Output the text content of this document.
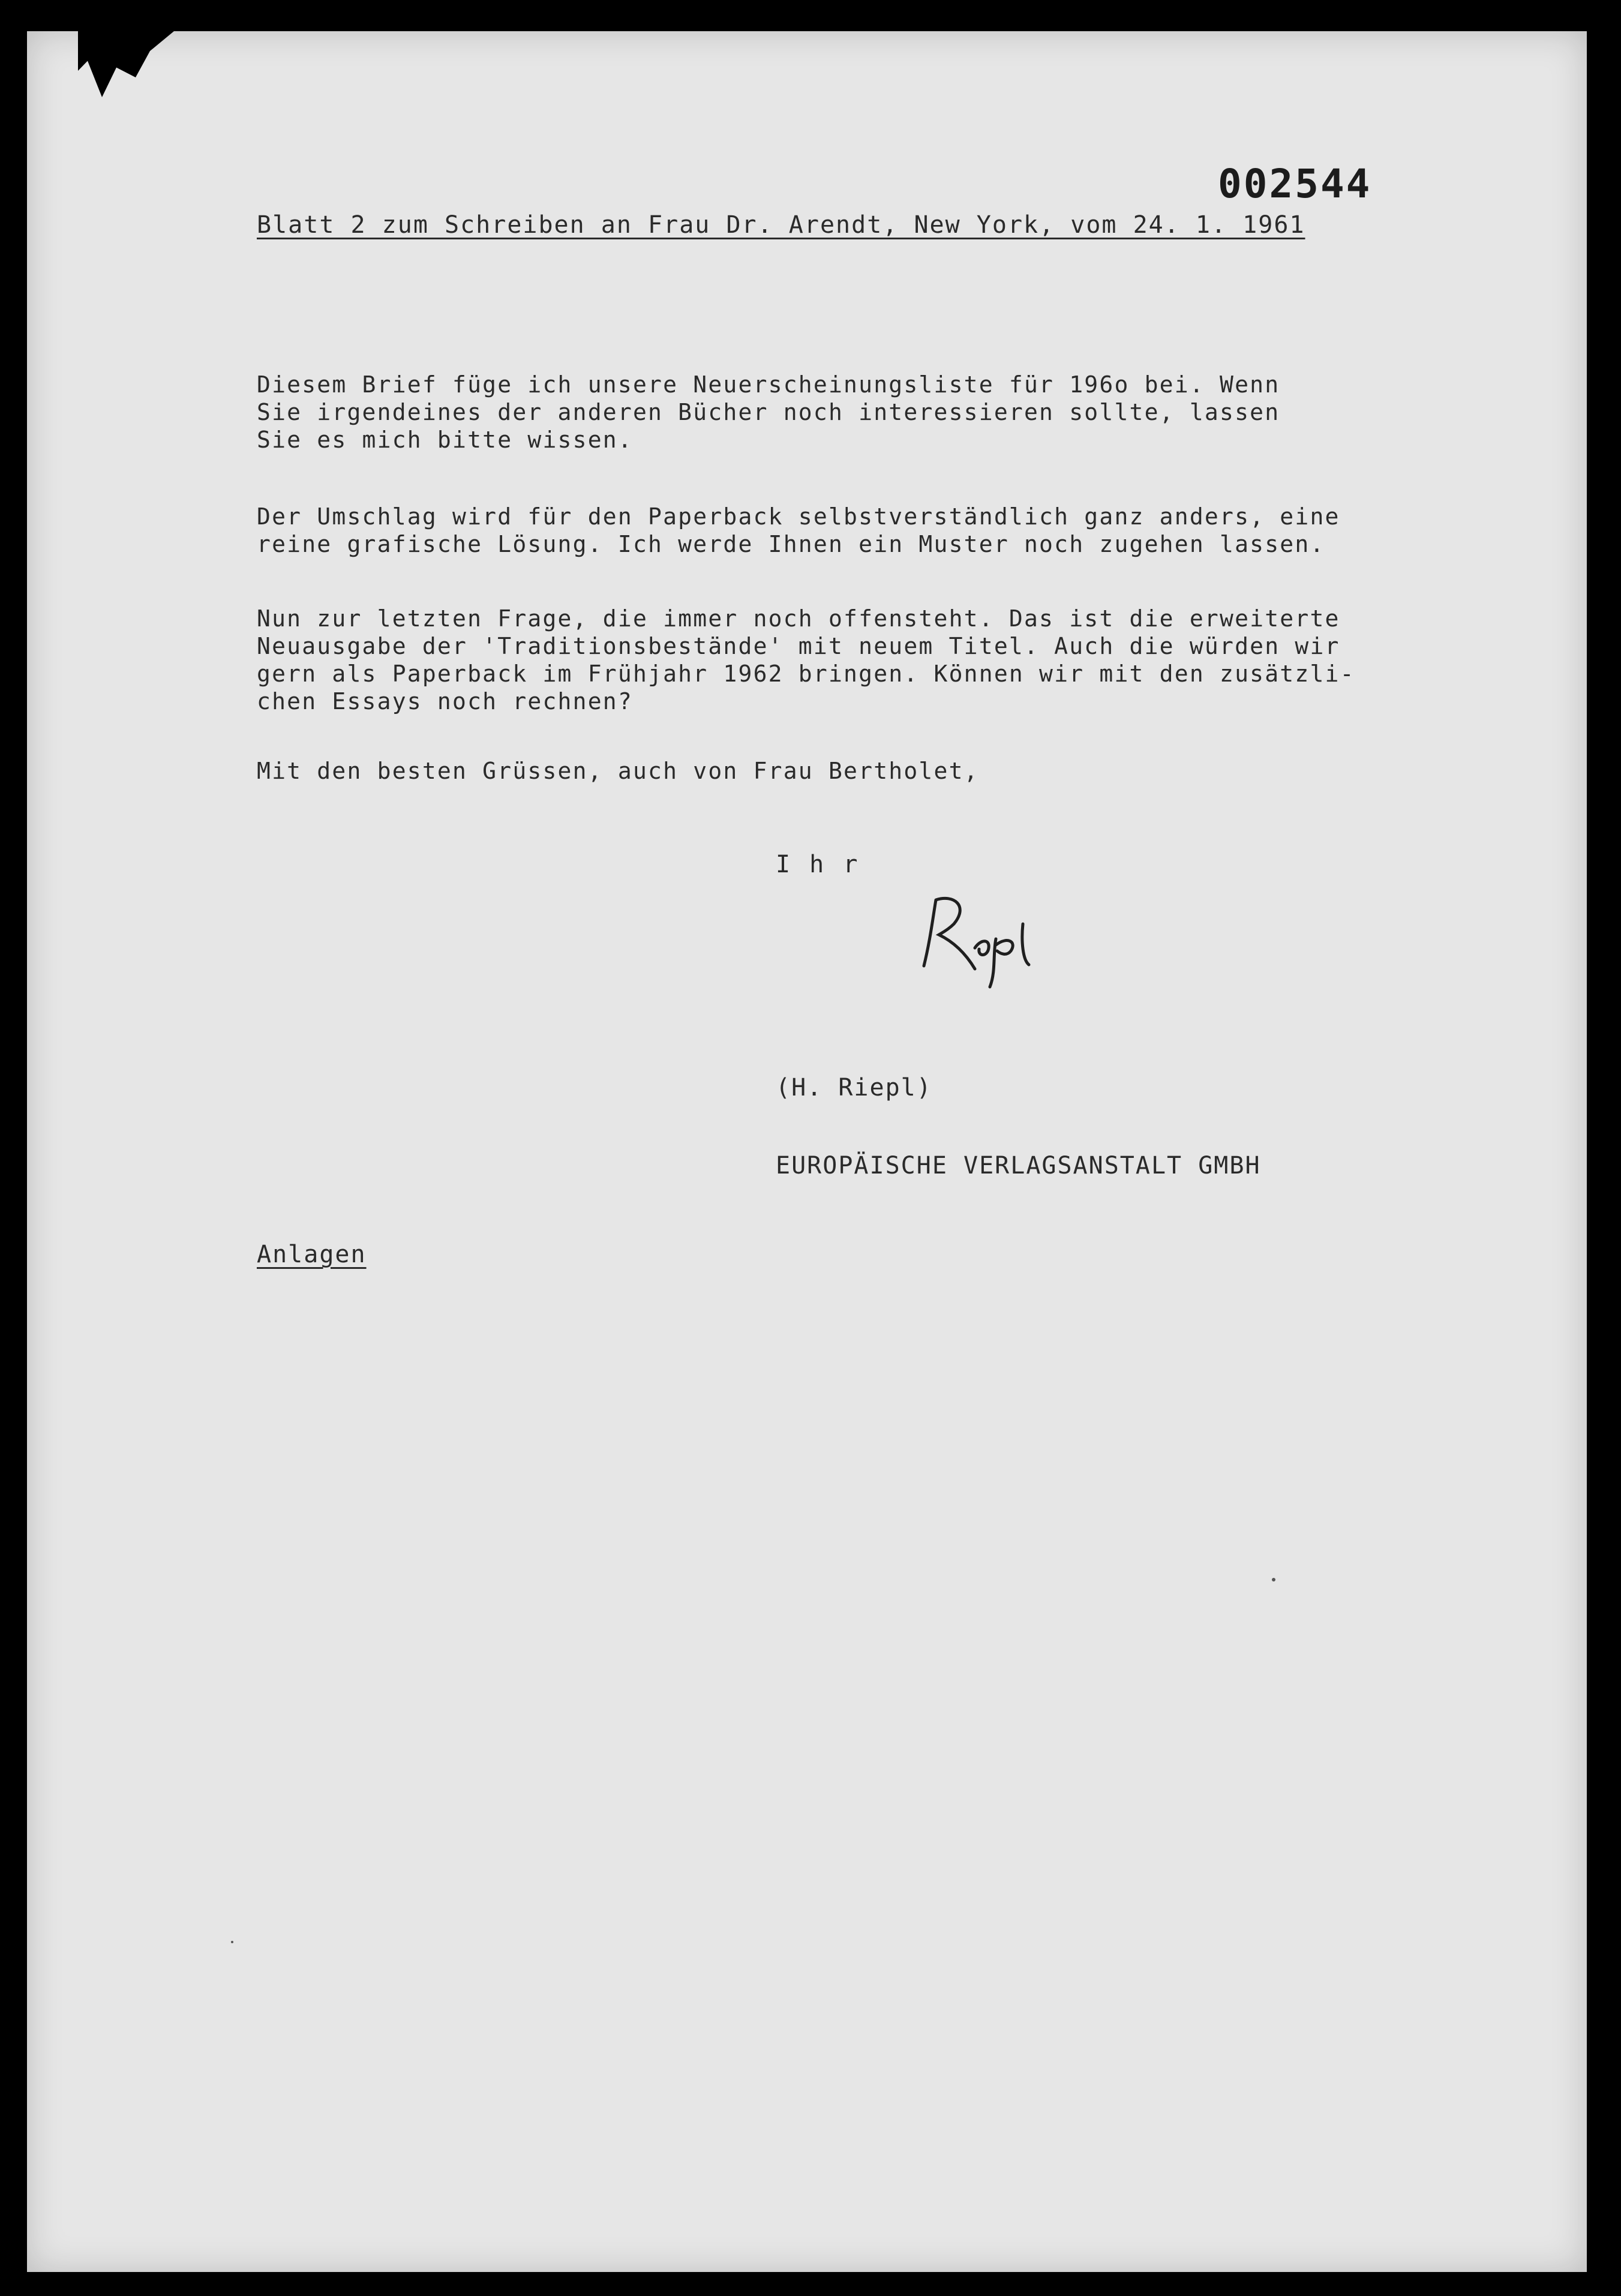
002544
Blatt 2 zum Schreiben an Frau Dr. Arendt, New York, vom 24. 1. 1961
Diesem Brief füge ich unsere Neuerscheinungsliste für 196o bei. Wenn
Sie irgendeines der anderen Bücher noch interessieren sollte, lassen
Sie es mich bitte wissen.
Der Umschlag wird für den Paperback selbstverständlich ganz anders, eine
reine grafische Lösung. Ich werde Ihnen ein Muster noch zugehen lassen.
Nun zur letzten Frage, die immer noch offensteht. Das ist die erweiterte
Neuausgabe der 'Traditionsbestände' mit neuem Titel. Auch die würden wir
gern als Paperback im Frühjahr 1962 bringen. Können wir mit den zusätzli-
chen Essays noch rechnen?
Mit den besten Grüssen, auch von Frau Bertholet,
I h r
(H. Riepl)
EUROPÄISCHE VERLAGSANSTALT GMBH
Anlagen
